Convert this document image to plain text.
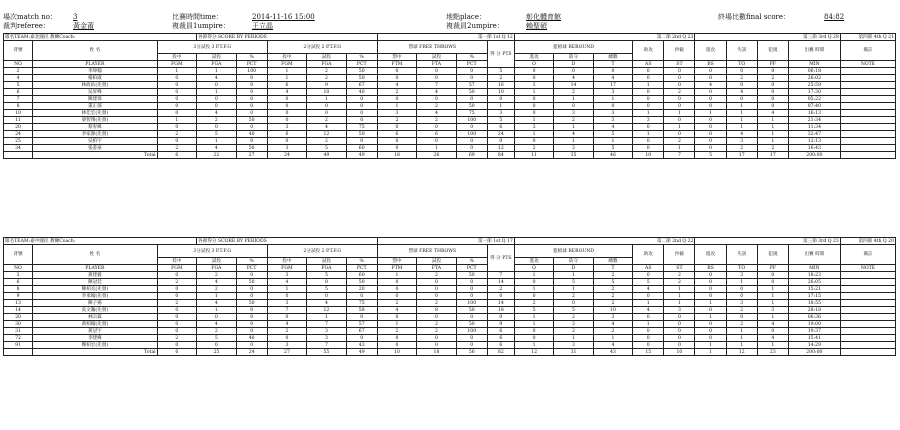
場次match no： 3
裁判referee：	黃金莆
比賽時間time：	2014-11-16 15:00
複裁員1umpire：	王立晶
地點place：	彰化體育館
複裁員2umpire：	賴聖碩
終場比數final score：	84:82
隊名TEAM:嘉北國民 教練Coach:			各節得分 SCORE BY PERIODS					第一節 1st Q 12				第二節 2nd Q 23					第三節 3rd Q 29				第四節 4th Q 21
背號	姓 名	3分試投 3 P.T.F.G			2分試投 2 P.T.F.G			罰球 FREE THROWS			得 分 PTS	籃板球 REBOUND			助攻	抄截	阻攻	失誤	犯規	出賽 時間	備註
		投中	試投	%	投中	試投	%	罰中	試投	%		進攻	防守	總數							
NO	PLAYER	FGM	FGA	PCT	FGM	FGA	PCT	FTM	FTA	PCT		O	D	T	AS	ST	BS	TO	PF	MIN	NOTE
2	李瑋翰	1	1	100	1	2	50	0	0	0	5	0	0	0	0	0	0	0	0	06:18	
4	楊柏崴	0	4	0	1	2	50	0	0	0	2	0	4	4	0	0	0	2	2	26:02	
5	林政佑(先發)	0	0	0	6	9	67	4	7	57	16	3	14	17	1	0	4	0	0	25:59	
6	吳昇峰	0	1	0	4	10	40	2	4	50	10	1	2	3	0	2	0	4	0	17:30	
7	陳建璋	0	0	0	0	1	0	0	0	0	0	0	1	1	0	0	0	0	0	05:22	
8	董正郁	0	0	0	0	0	0	1	2	50	1	0	0	0	0	0	0	1	0	07:40	
10	林佳宏(先發)	0	4	0	0	0	0	3	4	75	3	0	3	3	1	1	1	1	4	16:13	
11	梁智翔(先發)	1	2	50	0	2	0	2	2	100	5	1	2	3	3	0	0	1	1	21:34	
20	蔡宥緯	0	0	0	3	4	75	0	0	0	6	3	1	4	0	1	0	1	1	11:34	
24	李家源(先發)	2	5	40	6	12	50	6	6	100	24	1	4	5	1	0	0	4	1	32:47	
25	吳柏宇	0	1	0	0	2	0	0	0	0	0	0	1	1	0	2	0	3	1	12:13	
34	張書豪	2	4	50	3	5	60	0	1	0	12	2	3	5	0	1	0	2	2	16:43	
	Total	6	22	27	24	49	49	18	26	69	84	11	35	46	10	7	5	17	17	200:00	
隊名TEAM:嘉中國民 教練Coach:			各節得分 SCORE BY PERIODS					第一節 1st Q 17				第二節 2nd Q 22					第三節 3rd Q 23				第四節 4th Q 20
背號	姓 名	3分試投 3 P.T.F.G			2分試投 2 P.T.F.G			罰球 FREE THROWS			得 分 PTS	籃板球 REBOUND			助攻	抄截	阻攻	失誤	犯規	出賽 時間	備註
		投中	試投	%	投中	試投	%	罰中	試投	%		進攻	防守	總數							
NO	PLAYER	FGM	FGA	PCT	FGM	FGA	PCT	FTM	FTA	PCT		O	D	T	AS	ST	BS	TO	PF	MIN	NOTE
3	黃建毅	0	2	0	3	5	60	1	2	50	7	1	1	2	0	2	0	3	0	18:23	
6	陳冠廷	2	4	50	4	8	50	0	0	0	14	0	5	5	5	2	0	1	0	26:05	
8	陳柏丞(先發)	0	2	0	1	5	20	0	0	0	2	1	1	2	4	1	0	0	1	15:21	
9	李承翰(先發)	0	1	0	0	0	0	0	0	0	0	0	2	2	0	1	0	0	1	17:15	
13	陳子揚	2	4	50	3	4	75	2	2	100	14	2	0	2	1	1	1	3	1	18:55	
14	吳文瀚(先發)	0	1	0	7	12	58	4	8	50	18	5	5	10	4	3	0	2	3	28:18	
20	林宗霖	0	0	0	0	1	0	0	0	0	0	1	2	3	0	0	1	0	1	06:36	
30	黃柏翰(先發)	0	4	0	4	7	57	1	2	50	9	1	3	4	1	0	0	2	4	19:00	
31	黃冠宇	0	2	0	2	3	67	2	2	100	6	0	2	2	0	0	0	1	0	19:37	
72	李建緯	2	5	40	0	3	0	0	0	0	6	0	1	1	0	0	0	1	4	15:41	
91	鄭柏宏(先發)	0	0	0	3	7	43	0	0	0	6	1	3	4	0	0	1	1	1	14:29	
	Total	6	25	24	27	55	49	10	18	56	82	12	31	43	15	10	1	12	23	200:00	
